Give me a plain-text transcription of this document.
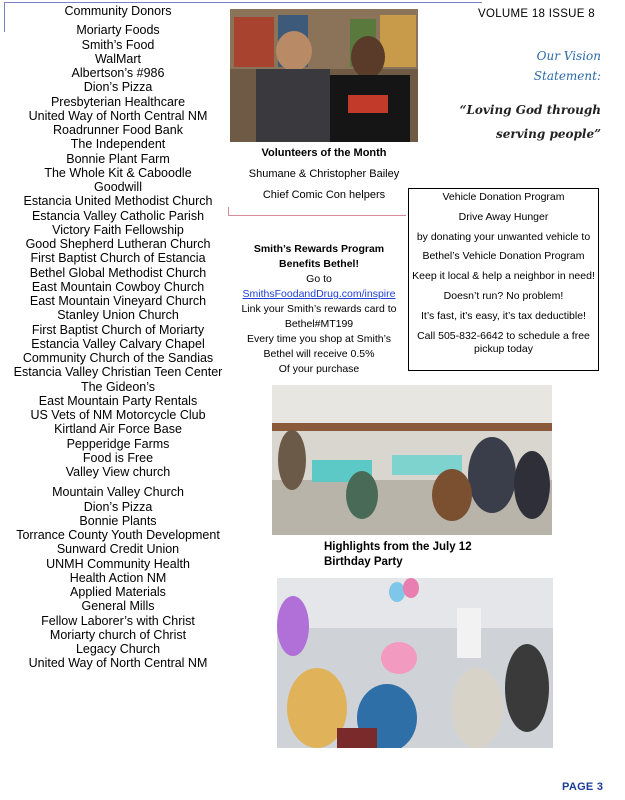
Community Donors
Moriarty Foods
Smith’s Food
WalMart
Albertson’s #986
Dion’s Pizza
Presbyterian Healthcare
United Way of North Central NM
Roadrunner Food Bank
The Independent
Bonnie Plant Farm
The Whole Kit & Caboodle
Goodwill
Estancia United Methodist Church
Estancia Valley Catholic Parish
Victory Faith Fellowship
Good Shepherd Lutheran Church
First Baptist Church of Estancia
Bethel Global Methodist Church
East Mountain Cowboy Church
East Mountain Vineyard Church
Stanley Union Church
First Baptist Church of Moriarty
Estancia Valley Calvary Chapel
Community Church of the Sandias
Estancia Valley Christian Teen Center
The Gideon’s
East Mountain Party Rentals
US Vets of NM Motorcycle Club
Kirtland Air Force Base
Pepperidge Farms
Food is Free
Valley View church
Mountain Valley Church
Dion’s Pizza
Bonnie Plants
Torrance County Youth Development
Sunward Credit Union
UNMH Community Health
Health Action NM
Applied Materials
General Mills
Fellow Laborer’s with Christ
Moriarty church of Christ
Legacy Church
United Way of North Central NM
VOLUME 18 ISSUE 8
Our Vision
Statement:
“Loving God through
serving people”
Volunteers of the Month
Shumane & Christopher Bailey
Chief Comic Con helpers
Smith’s Rewards Program
Benefits Bethel!
Go to
SmithsFoodandDrug.com/inspire
Link your Smith’s rewards card to
Bethel#MT199
Every time you shop at Smith’s
Bethel will receive 0.5%
Of your purchase
Vehicle Donation Program
Drive Away Hunger
by donating your unwanted vehicle to
Bethel’s Vehicle Donation Program
Keep it local & help a neighbor in need!
Doesn’t run? No problem!
It’s fast, it’s easy, it’s tax deductible!
Call 505-832-6642 to schedule a free pickup today
Highlights from the July 12
Birthday Party
PAGE 3
